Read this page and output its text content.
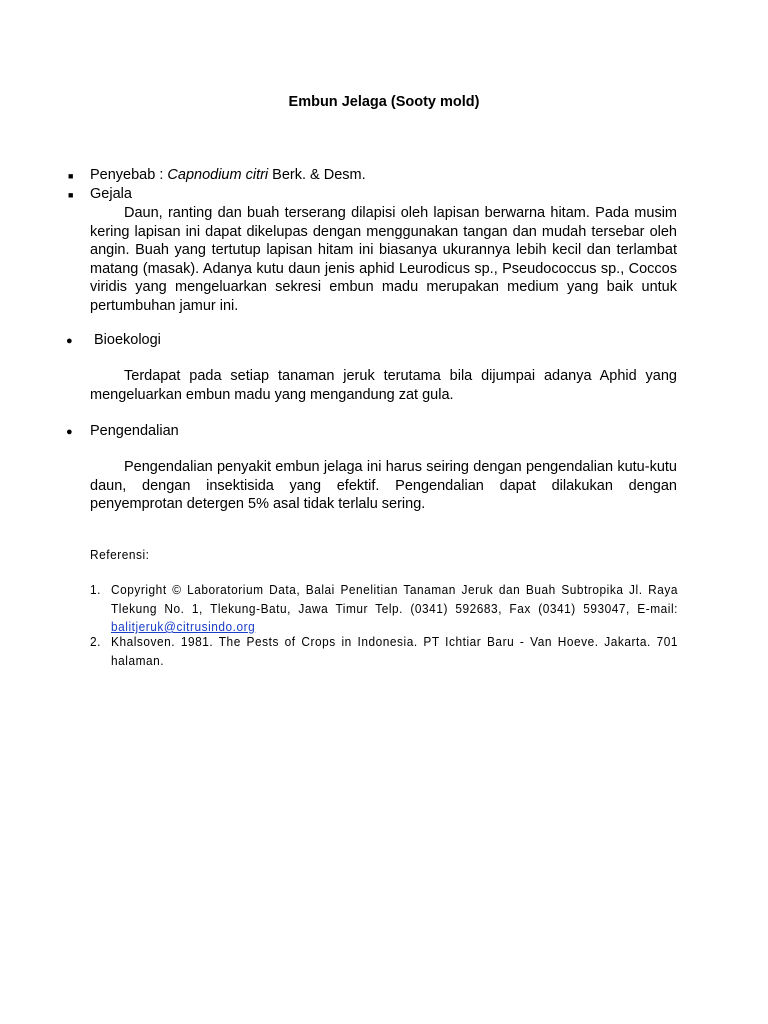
Embun Jelaga (Sooty mold)
■ Penyebab : Capnodium citri Berk. & Desm.
■ Gejala
Daun, ranting dan buah terserang dilapisi oleh lapisan berwarna hitam. Pada musim kering lapisan ini dapat dikelupas dengan menggunakan tangan dan mudah tersebar oleh angin. Buah yang tertutup lapisan hitam ini biasanya ukurannya lebih kecil dan terlambat matang (masak). Adanya kutu daun jenis aphid Leurodicus sp., Pseudococcus sp., Coccos viridis yang mengeluarkan sekresi embun madu merupakan medium yang baik untuk pertumbuhan jamur ini.
● Bioekologi
Terdapat pada setiap tanaman jeruk terutama bila dijumpai adanya Aphid yang mengeluarkan embun madu yang mengandung zat gula.
● Pengendalian
Pengendalian penyakit embun jelaga ini harus seiring dengan pengendalian kutu-kutu daun, dengan insektisida yang efektif. Pengendalian dapat dilakukan dengan penyemprotan detergen 5% asal tidak terlalu sering.
Referensi:
1. Copyright © Laboratorium Data, Balai Penelitian Tanaman Jeruk dan Buah Subtropika Jl. Raya Tlekung No. 1, Tlekung-Batu, Jawa Timur Telp. (0341) 592683, Fax (0341) 593047, E-mail: balitjeruk@citrusindo.org
2. Khalsoven. 1981. The Pests of Crops in Indonesia. PT Ichtiar Baru - Van Hoeve. Jakarta. 701 halaman.
